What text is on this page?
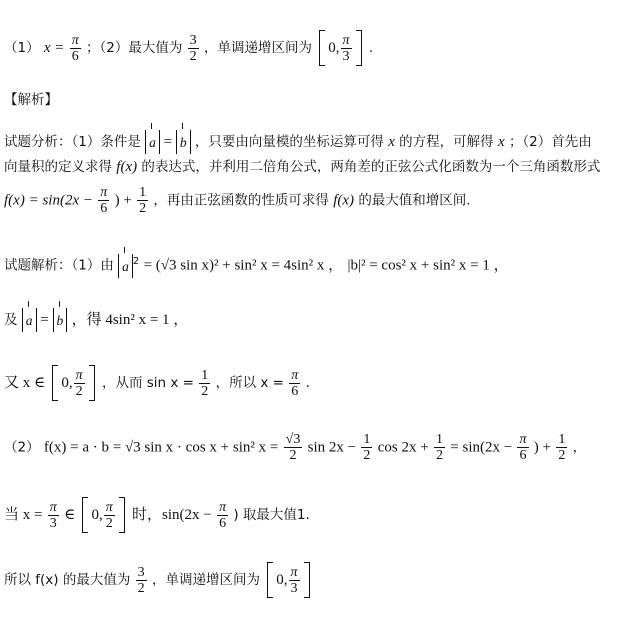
（1） $x = \frac{\pi}{6}$ ；（2）最大值为 $\frac{3}{2}$ ，单调递增区间为 0, $\frac{\pi}{3}$ .
【解析】
试题分析：（1）条件是 a = b ，只要由向量模的坐标运算可得 x 的方程，可解得 x ；（2）首先由
向量积的定义求得 f(x) 的表达式，并利用二倍角公式，两角差的正弦公式化函数为一个三角函数形式
$f(x) = \sin(2x - \frac{\pi}{6}$ ) + $\frac{1}{2}$ ，再由正弦函数的性质可求得 f(x) 的最大值和增区间.
试题解析：（1）由 a $^2$ = (√3 sin x)² + sin² x = 4sin² x ， |b|² = cos² x + sin² x = 1 ，
及 a = b ，得 4sin² x = 1 ，
又 x ∈ 0, $\frac{\pi}{2}$ ，从而 $\sin x = \frac{1}{2}$ ，所以 $x = \frac{\pi}{6}$ .
（2） f(x) = a · b = √3 sin x · cos x + sin² $x = \frac{√3}{2}$ $\sin 2x - \frac{1}{2}$ $\cos 2x + \frac{1}{2} = \sin(2x - \frac{\pi}{6}$ ) + $\frac{1}{2}$ ，
当 $x = \frac{\pi}{3}$ ∈ 0, $\frac{\pi}{2}$ 时，$\sin(2x - \frac{\pi}{6}$ ) 取最大值1.
所以 f(x) 的最大值为 $\frac{3}{2}$ ，单调递增区间为 0, $\frac{\pi}{3}$
